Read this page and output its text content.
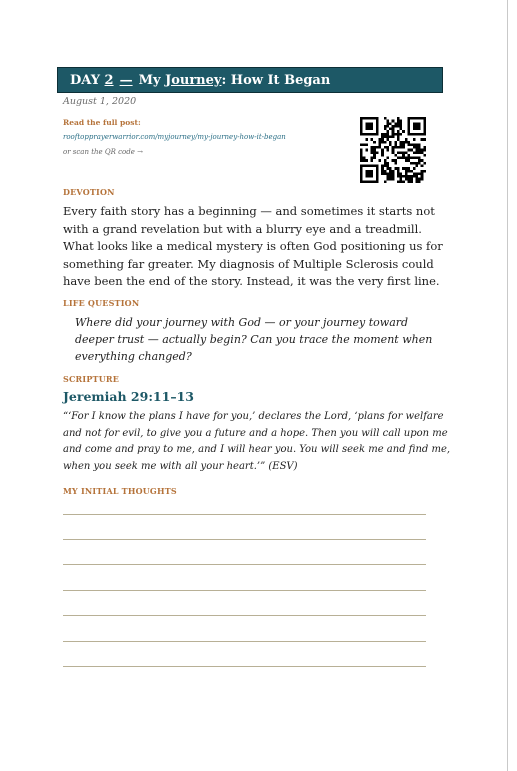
DAY
2 — My
Journey : How It Began
August 1, 2020
Read the full post:
rooftopprayerwarrior.com/myjourney/my-journey-how-it-began
or scan the QR code →
DEVOTION
Every faith story has a beginning — and sometimes it starts not with a grand revelation but with a blurry eye and a treadmill. What looks like a medical mystery is often God positioning us for something far greater. My diagnosis of Multiple Sclerosis could have been the end of the story. Instead, it was the very first line.
LIFE QUESTION
Where did your journey with God — or your journey toward deeper trust — actually begin? Can you trace the moment when everything changed?
SCRIPTURE
Jeremiah 29:11–13
“‘For I know the plans I have for you,’ declares the Lord, ‘plans for welfare and not for evil, to give you a future and a hope. Then you will call upon me and come and pray to me, and I will hear you. You will seek me and find me, when you seek me with all your heart.’” (ESV)
MY INITIAL THOUGHTS
